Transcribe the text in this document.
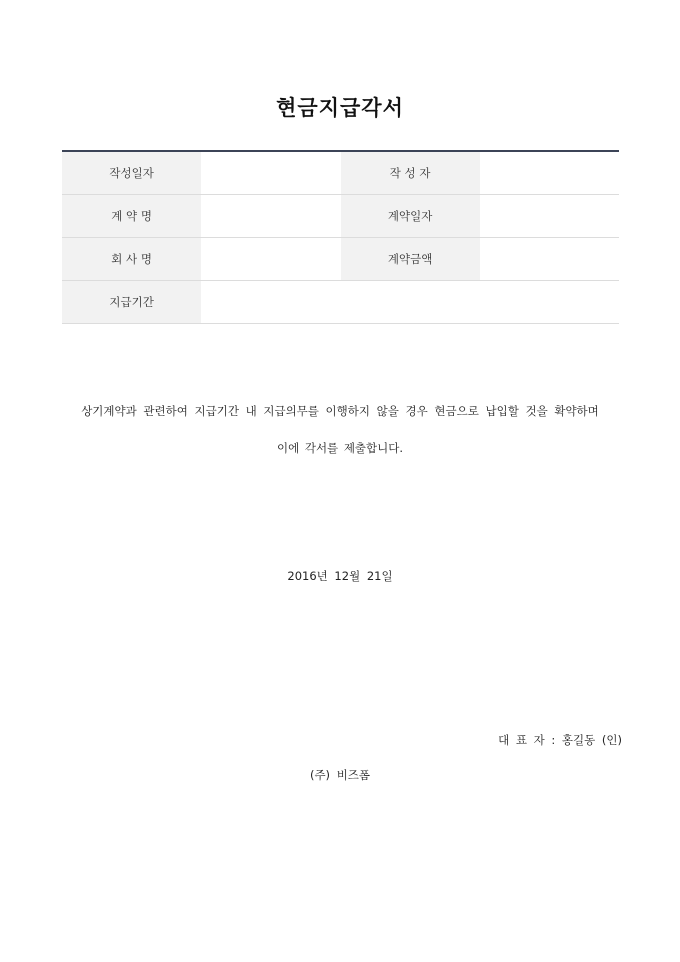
현금지급각서
작성일자		작 성 자	
계 약 명		계약일자	
회 사 명		계약금액	
지급기간			
상기계약과 관련하여 지급기간 내 지급의무를 이행하지 않을 경우 현금으로 납입할 것을 확약하며
이에 각서를 제출합니다.
2016년 12월 21일
대 표 자 : 홍길동 (인)
(주) 비즈폼
